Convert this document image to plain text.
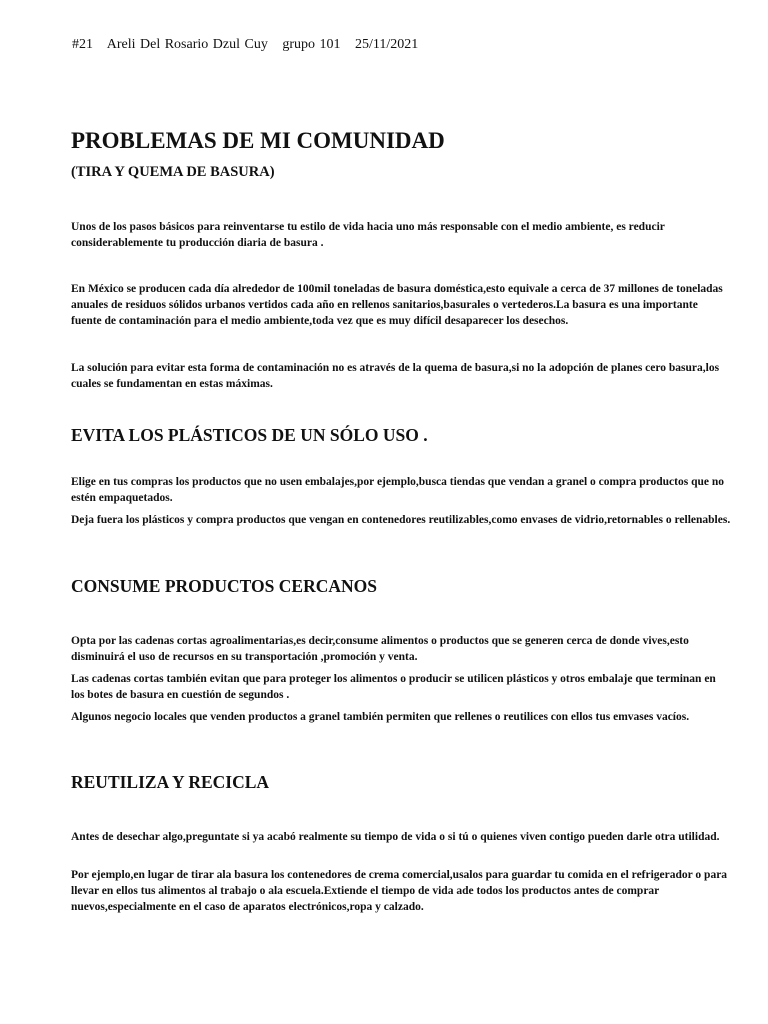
#21 Areli Del Rosario Dzul Cuy grupo 101 25/11/2021
PROBLEMAS DE MI COMUNIDAD
(TIRA Y QUEMA DE BASURA)

Unos de los pasos básicos para reinventarse tu estilo de vida hacia uno más responsable con el medio ambiente, es reducir considerablemente tu producción diaria de basura .

En México se producen cada día alrededor de 100mil toneladas de basura doméstica,esto equivale a cerca de 37 millones de toneladas anuales de residuos sólidos urbanos vertidos cada año en rellenos sanitarios,basurales o vertederos.La basura es una importante fuente de contaminación para el medio ambiente,toda vez que es muy difícil desaparecer los desechos.

La solución para evitar esta forma de contaminación no es através de la quema de basura,si no la adopción de planes cero basura,los cuales se fundamentan en estas máximas.

EVITA LOS PLÁSTICOS DE UN SÓLO USO .

Elige en tus compras los productos que no usen embalajes,por ejemplo,busca tiendas que vendan a granel o compra productos que no estén empaquetados.

Deja fuera los plásticos y compra productos que vengan en contenedores reutilizables,como envases de vidrio,retornables o rellenables.

CONSUME PRODUCTOS CERCANOS

Opta por las cadenas cortas agroalimentarias,es decir,consume alimentos o productos que se generen cerca de donde vives,esto disminuirá el uso de recursos en su transportación ,promoción y venta.

Las cadenas cortas también evitan que para proteger los alimentos o producir se utilicen plásticos y otros embalaje que terminan en los botes de basura en cuestión de segundos .

Algunos negocio locales que venden productos a granel también permiten que rellenes o reutilices con ellos tus emvases vacíos.

REUTILIZA Y RECICLA

Antes de desechar algo,preguntate si ya acabó realmente su tiempo de vida o si tú o quienes viven contigo pueden darle otra utilidad.

Por ejemplo,en lugar de tirar ala basura los contenedores de crema comercial,usalos para guardar tu comida en el refrigerador o para llevar en ellos tus alimentos al trabajo o ala escuela.Extiende el tiempo de vida ade todos los productos antes de comprar nuevos,especialmente en el caso de aparatos electrónicos,ropa y calzado.
